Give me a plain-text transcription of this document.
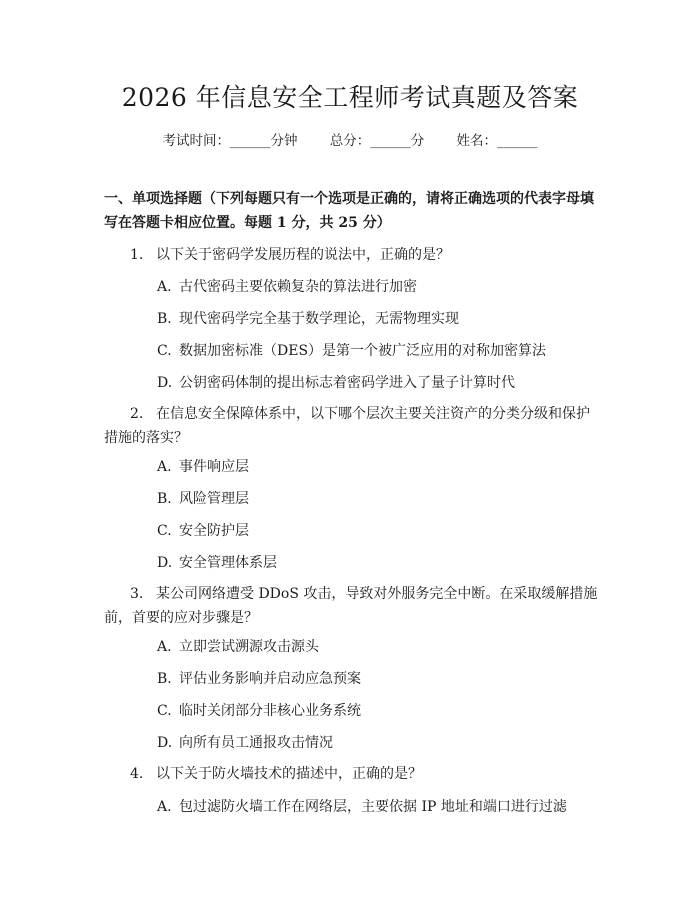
2026 年信息安全工程师考试真题及答案
考试时间：______分钟 总分：______分 姓名：______
一、单项选择题（下列每题只有一个选项是正确的，请将正确选项的代表字母填写在答题卡相应位置。每题 1 分，共 25 分）
1. 以下关于密码学发展历程的说法中，正确的是？
A. 古代密码主要依赖复杂的算法进行加密
B. 现代密码学完全基于数学理论，无需物理实现
C. 数据加密标准（DES）是第一个被广泛应用的对称加密算法
D. 公钥密码体制的提出标志着密码学进入了量子计算时代
2. 在信息安全保障体系中，以下哪个层次主要关注资产的分类分级和保护措施的落实？
A. 事件响应层
B. 风险管理层
C. 安全防护层
D. 安全管理体系层
3. 某公司网络遭受 DDoS 攻击，导致对外服务完全中断。在采取缓解措施前，首要的应对步骤是？
A. 立即尝试溯源攻击源头
B. 评估业务影响并启动应急预案
C. 临时关闭部分非核心业务系统
D. 向所有员工通报攻击情况
4. 以下关于防火墙技术的描述中，正确的是？
A. 包过滤防火墙工作在网络层，主要依据 IP 地址和端口进行过滤
